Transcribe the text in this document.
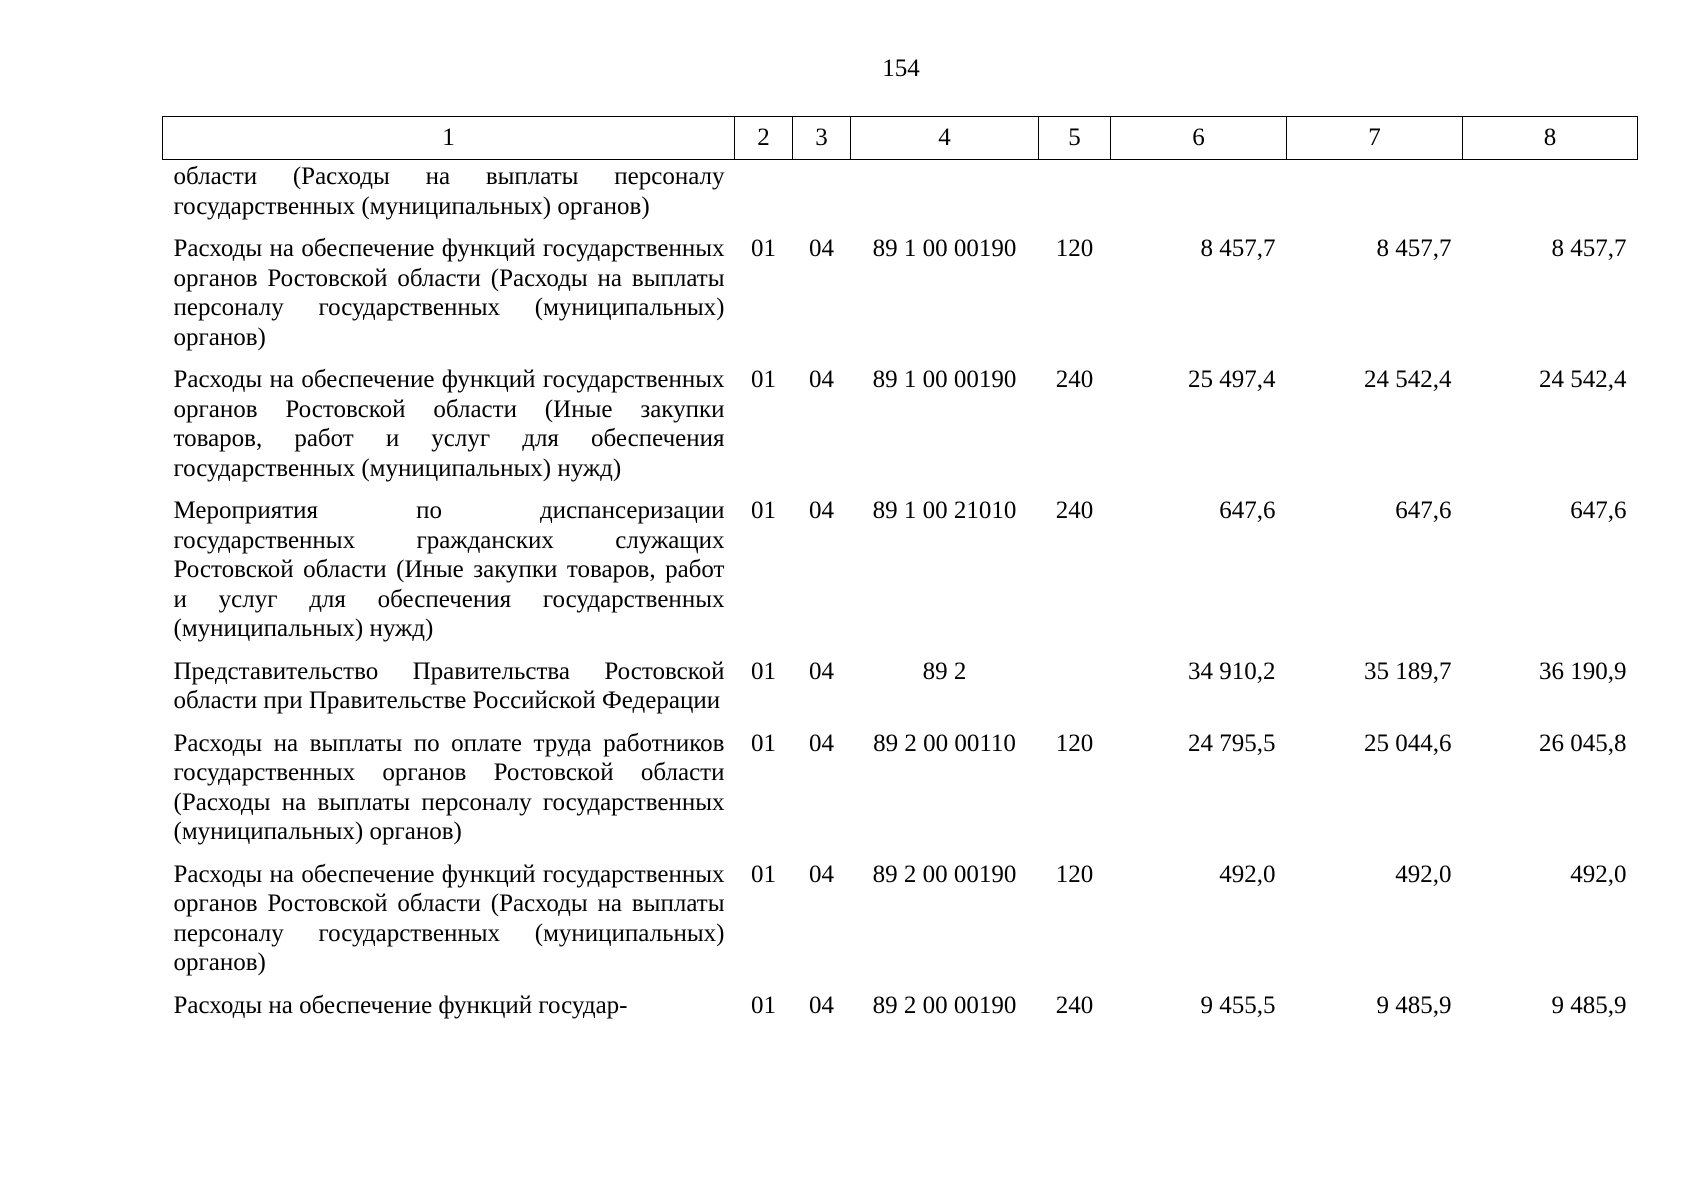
154
1	2	3	4	5	6	7	8
области (Расходы на выплаты персоналу государственных (муниципальных) органов)							
Расходы на обеспечение функций государственных органов Ростовской области (Расходы на выплаты персоналу государственных (муниципальных) органов)	01	04	89 1 00 00190	120	8 457,7	8 457,7	8 457,7
Расходы на обеспечение функций государственных органов Ростовской области (Иные закупки товаров, работ и услуг для обеспечения государственных (муниципальных) нужд)	01	04	89 1 00 00190	240	25 497,4	24 542,4	24 542,4
Мероприятия по диспансеризации государственных гражданских служащих Ростовской области (Иные закупки товаров, работ и услуг для обеспечения государственных (муниципальных) нужд)	01	04	89 1 00 21010	240	647,6	647,6	647,6
Представительство Правительства Ростовской области при Правительстве Российской Федерации	01	04	89 2		34 910,2	35 189,7	36 190,9
Расходы на выплаты по оплате труда работников государственных органов Ростовской области (Расходы на выплаты персоналу государственных (муниципальных) органов)	01	04	89 2 00 00110	120	24 795,5	25 044,6	26 045,8
Расходы на обеспечение функций государственных органов Ростовской области (Расходы на выплаты персоналу государственных (муниципальных) органов)	01	04	89 2 00 00190	120	492,0	492,0	492,0
Расходы на обеспечение функций государ-	01	04	89 2 00 00190	240	9 455,5	9 485,9	9 485,9
